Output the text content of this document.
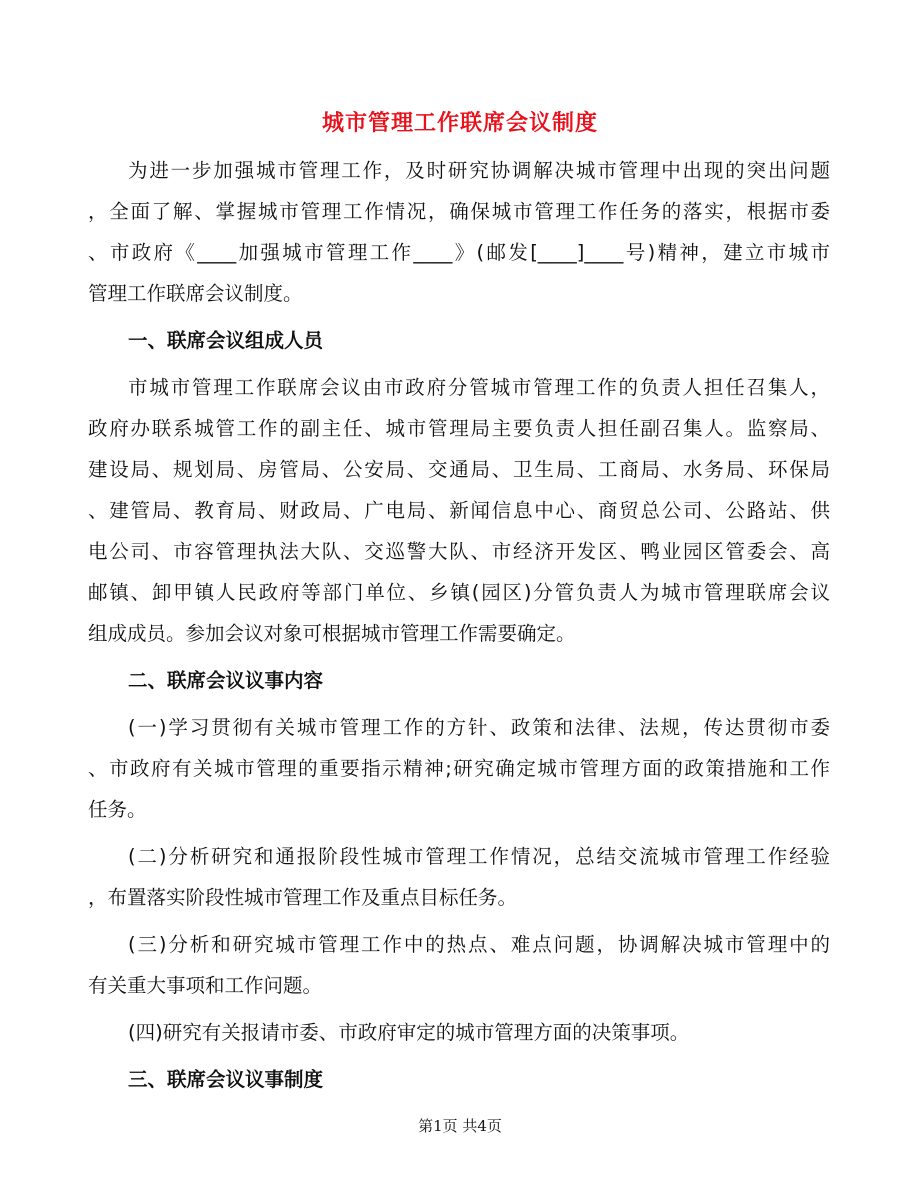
城市管理工作联席会议制度
为进一步加强城市管理工作，及时研究协调解决城市管理中出现的突出问题
，全面了解、掌握城市管理工作情况，确保城市管理工作任务的落实，根据市委
、市政府《____加强城市管理工作____》(邮发[____]____号)精神，建立市城市
管理工作联席会议制度。
一、联席会议组成人员
市城市管理工作联席会议由市政府分管城市管理工作的负责人担任召集人，
政府办联系城管工作的副主任、城市管理局主要负责人担任副召集人。监察局、
建设局、规划局、房管局、公安局、交通局、卫生局、工商局、水务局、环保局
、建管局、教育局、财政局、广电局、新闻信息中心、商贸总公司、公路站、供
电公司、市容管理执法大队、交巡警大队、市经济开发区、鸭业园区管委会、高
邮镇、卸甲镇人民政府等部门单位、乡镇(园区)分管负责人为城市管理联席会议
组成成员。参加会议对象可根据城市管理工作需要确定。
二、联席会议议事内容
(一)学习贯彻有关城市管理工作的方针、政策和法律、法规，传达贯彻市委
、市政府有关城市管理的重要指示精神;研究确定城市管理方面的政策措施和工作
任务。
(二)分析研究和通报阶段性城市管理工作情况，总结交流城市管理工作经验
，布置落实阶段性城市管理工作及重点目标任务。
(三)分析和研究城市管理工作中的热点、难点问题，协调解决城市管理中的
有关重大事项和工作问题。
(四)研究有关报请市委、市政府审定的城市管理方面的决策事项。
三、联席会议议事制度
第1页 共4页
